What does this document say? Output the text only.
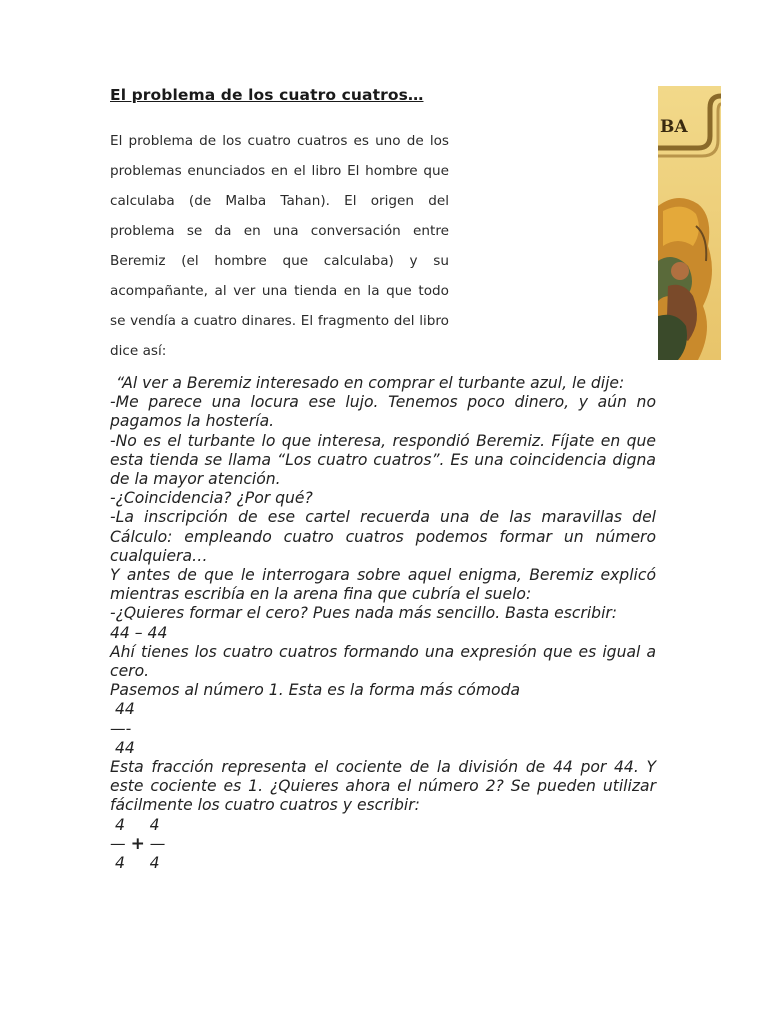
El problema de los cuatro cuatros…

El problema de los cuatro cuatros es uno de los problemas enunciados en el libro El hombre que calculaba (de Malba Tahan). El origen del problema se da en una conversación entre Beremiz (el hombre que calculaba) y su acompañante, al ver una tienda en la que todo se vendía a cuatro dinares. El fragmento del libro dice así:

BA

“Al ver a Beremiz interesado en comprar el turbante azul, le dije:

-Me parece una locura ese lujo. Tenemos poco dinero, y aún no pagamos la hostería.

-No es el turbante lo que interesa, respondió Beremiz. Fíjate en que esta tienda se llama “Los cuatro cuatros”. Es una coincidencia digna de la mayor atención.

-¿Coincidencia? ¿Por qué?

-La inscripción de ese cartel recuerda una de las maravillas del Cálculo: empleando cuatro cuatros podemos formar un número cualquiera…

Y antes de que le interrogara sobre aquel enigma, Beremiz explicó mientras escribía en la arena fina que cubría el suelo:

-¿Quieres formar el cero? Pues nada más sencillo. Basta escribir:

44 – 44

Ahí tienes los cuatro cuatros formando una expresión que es igual a cero.

Pasemos al número 1. Esta es la forma más cómoda

44

—-

44

Esta fracción representa el cociente de la división de 44 por 44. Y este cociente es 1. ¿Quieres ahora el número 2? Se pueden utilizar fácilmente los cuatro cuatros y escribir:

4     4

— + —

4     4
